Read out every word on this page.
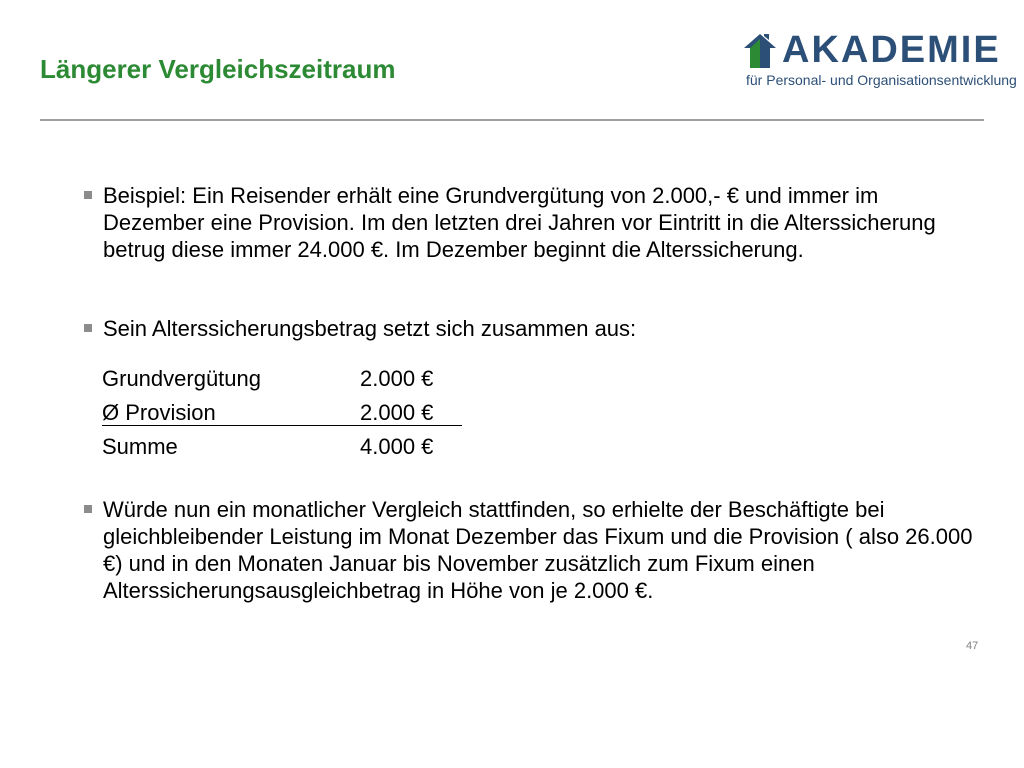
Längerer Vergleichszeitraum	AKADEMIE
für Personal- und Organisationsentwicklung
Beispiel: Ein Reisender erhält eine Grundvergütung von 2.000,- € und immer im Dezember eine Provision. Im den letzten drei Jahren vor Eintritt in die Alterssicherung betrug diese immer 24.000 €. Im Dezember beginnt die Alterssicherung.
Sein Alterssicherungsbetrag setzt sich zusammen aus:
Grundvergütung	2.000 €
Ø Provision	2.000 €
Summe	4.000 €
Würde nun ein monatlicher Vergleich stattfinden, so erhielte der Beschäftigte bei gleichbleibender Leistung im Monat Dezember das Fixum und die Provision ( also 26.000 €) und in den Monaten Januar bis November zusätzlich zum Fixum einen Alterssicherungsausgleichbetrag in Höhe von je 2.000 €.
47
